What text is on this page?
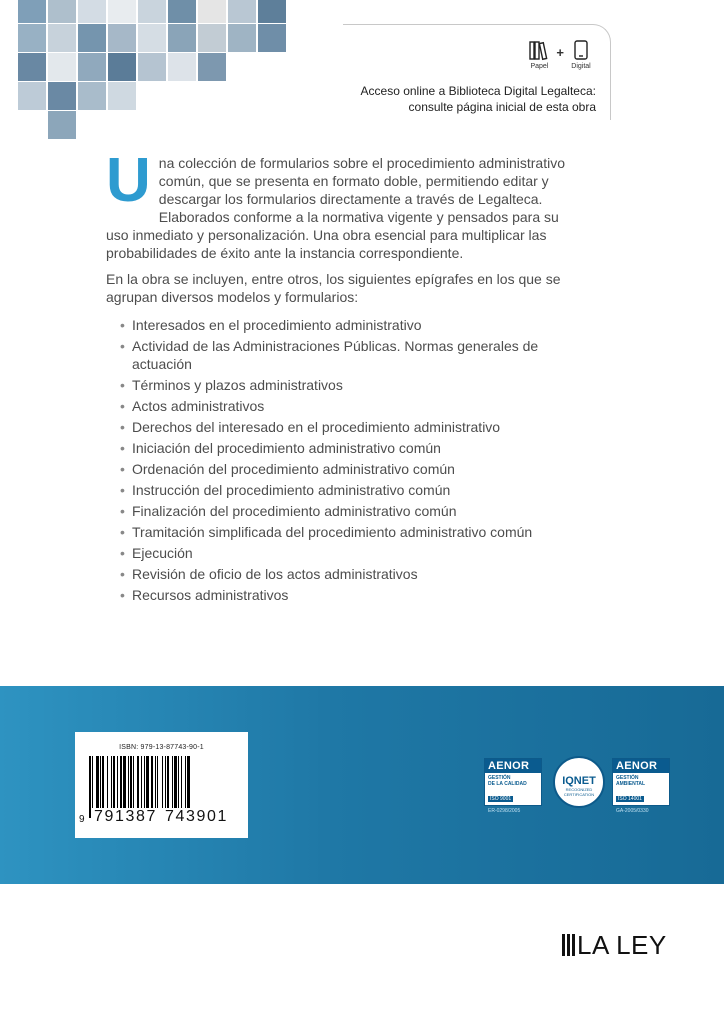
Papel
+
Digital
Acceso online a Biblioteca Digital Legalteca:
consulte página inicial de esta obra
U na colección de formularios sobre el procedimiento administrativo común, que se presenta en formato doble, permitiendo editar y descargar los formularios directamente a través de Legalteca. Elaborados conforme a la normativa vigente y pensados para su uso inmediato y personalización. Una obra esencial para multiplicar las probabilidades de éxito ante la instancia correspondiente.
En la obra se incluyen, entre otros, los siguientes epígrafes en los que se agrupan diversos modelos y formularios:
• Interesados en el procedimiento administrativo
• Actividad de las Administraciones Públicas. Normas generales de actuación
• Términos y plazos administrativos
• Actos administrativos
• Derechos del interesado en el procedimiento administrativo
• Iniciación del procedimiento administrativo común
• Ordenación del procedimiento administrativo común
• Instrucción del procedimiento administrativo común
• Finalización del procedimiento administrativo común
• Tramitación simplificada del procedimiento administrativo común
• Ejecución
• Revisión de oficio de los actos administrativos
• Recursos administrativos
ISBN: 979-13-87743-90-1
9 791387 743901
AENOR
GESTIÓN
DE LA CALIDAD
ISO 9001
ER-0298/2005
IQNET
RECOGNIZED CERTIFICATION
AENOR
GESTIÓN
AMBIENTAL
ISO 14001
GA-2005/0330
LA LEY
